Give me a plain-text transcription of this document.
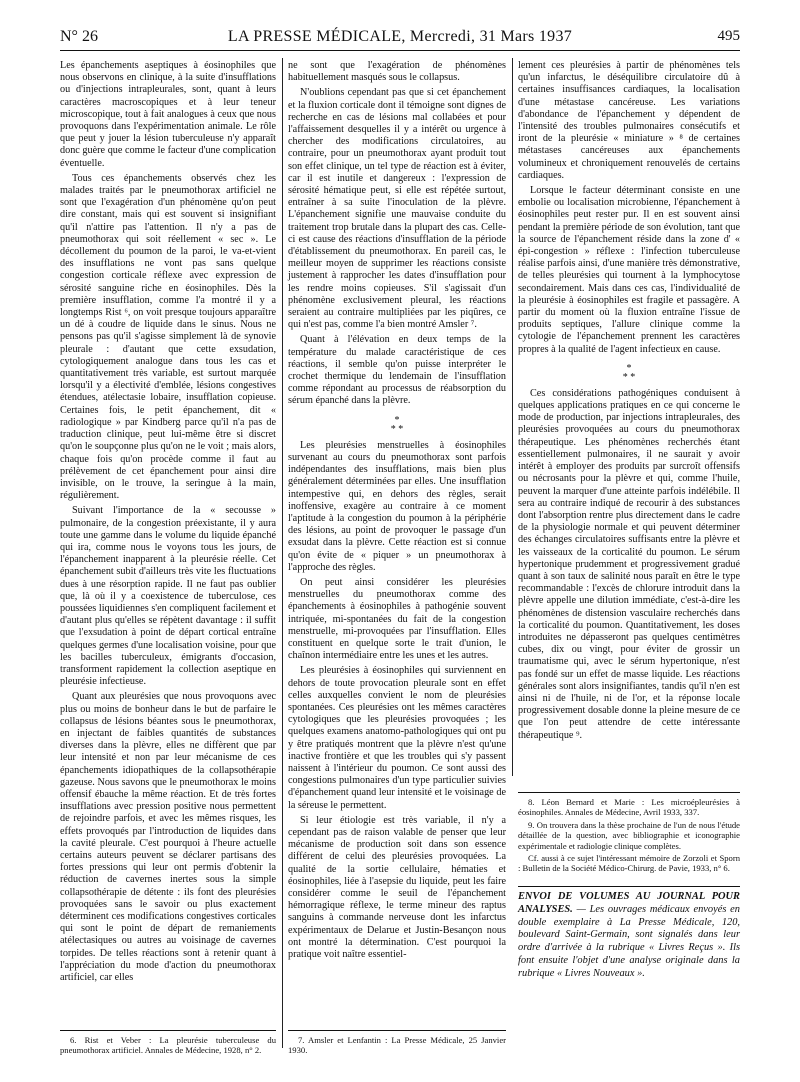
N° 26	LA PRESSE MÉDICALE, Mercredi, 31 Mars 1937	495

Les épanchements aseptiques à éosinophiles que nous observons en clinique, à la suite d'insufflations ou d'injections intrapleurales, sont, quant à leurs caractères macroscopiques et à leur teneur microscopique, tout à fait analogues à ceux que nous provoquons dans l'expérimentation animale. Le rôle que peut y jouer la lésion tuberculeuse n'y apparaît donc guère que comme le facteur d'une complication éventuelle.

Tous ces épanchements observés chez les malades traités par le pneumothorax artificiel ne sont que l'exagération d'un phénomène qu'on peut dire constant, mais qui est souvent si insignifiant qu'il n'attire pas l'attention. Il n'y a pas de pneumothorax qui soit réellement « sec ». Le décollement du poumon de la paroi, le va-et-vient des insufflations ne vont pas sans quelque congestion corticale réflexe avec expression de sérosité sanguine riche en éosinophiles. Dès la première insufflation, comme l'a montré il y a longtemps Rist ⁶, on voit presque toujours apparaître un dé à coudre de liquide dans le sinus. Nous ne pensons pas qu'il s'agisse simplement là de synovie pleurale : d'autant que cette exsudation, cytologiquement analogue dans tous les cas et quantitativement très variable, est surtout marquée lorsqu'il y a électivité d'emblée, lésions congestives étendues, atélectasie lobaire, insufflation copieuse. Certaines fois, le petit épanchement, dit « radiologique » par Kindberg parce qu'il n'a pas de traduction clinique, peut lui-même être si discret qu'on le soupçonne plus qu'on ne le voit ; mais alors, chaque fois qu'on procède comme il faut au prélèvement de cet épanchement pour ainsi dire invisible, on le trouve, la seringue à la main, régulièrement.

Suivant l'importance de la « secousse » pulmonaire, de la congestion préexistante, il y aura toute une gamme dans le volume du liquide épanché qui ira, comme nous le voyons tous les jours, de l'épanchement inapparent à la pleurésie réelle. Cet épanchement subit d'ailleurs très vite les fluctuations dues à une résorption rapide. Il ne faut pas oublier que, là où il y a coexistence de tuberculose, ces poussées liquidiennes s'en compliquent facilement et d'autant plus qu'elles se répètent davantage : il suffit que l'exsudation à point de départ cortical entraîne quelques germes d'une localisation voisine, pour que les bacilles tuberculeux, émigrants d'occasion, transforment rapidement la collection aseptique en pleurésie infectieuse.

Quant aux pleurésies que nous provoquons avec plus ou moins de bonheur dans le but de parfaire le collapsus de lésions béantes sous le pneumothorax, en injectant de faibles quantités de substances diverses dans la plèvre, elles ne diffèrent que par leur intensité et non par leur mécanisme de ces épanchements idiopathiques de la collapsothérapie gazeuse. Nous savons que le pneumothorax le moins offensif ébauche la même réaction. Et de très fortes insufflations avec pression positive nous permettent de rejoindre parfois, et avec les mêmes risques, les effets provoqués par l'introduction de liquides dans la cavité pleurale. C'est pourquoi à l'heure actuelle certains auteurs peuvent se déclarer partisans des fortes pressions qui leur ont permis d'obtenir la réduction de cavernes inertes sous la simple collapsothérapie de détente : ils font des pleurésies provoquées sans le savoir ou plus exactement déterminent ces modifications congestives corticales qui sont le point de départ de remaniements atélectasiques ou autres au voisinage de cavernes torpides. De telles réactions sont à retenir quant à l'appréciation du mode d'action du pneumothorax artificiel, car elles

ne sont que l'exagération de phénomènes habituellement masqués sous le collapsus.

N'oublions cependant pas que si cet épanchement et la fluxion corticale dont il témoigne sont dignes de recherche en cas de lésions mal collabées et pour l'affaissement desquelles il y a intérêt ou urgence à chercher des modifications circulatoires, au contraire, pour un pneumothorax ayant produit tout son effet clinique, un tel type de réaction est à éviter, car il est inutile et dangereux : l'expression de sérosité hématique peut, si elle est répétée surtout, entraîner à sa suite l'inoculation de la plèvre. L'épanchement signifie une mauvaise conduite du traitement trop brutale dans la plupart des cas. Celle-ci est cause des réactions d'insufflation de la période d'établissement du pneumothorax. En pareil cas, le meilleur moyen de supprimer les réactions consiste justement à rapprocher les dates d'insufflation pour les rendre moins copieuses. S'il s'agissait d'un phénomène exclusivement pleural, les réactions seraient au contraire multipliées par les piqûres, ce qui n'est pas, comme l'a bien montré Amsler ⁷.

Quant à l'élévation en deux temps de la température du malade caractéristique de ces réactions, il semble qu'on puisse interpréter le crochet thermique du lendemain de l'insufflation comme répondant au processus de réabsorption du sérum épanché dans la plèvre.

*
* *

Les pleurésies menstruelles à éosinophiles survenant au cours du pneumothorax sont parfois indépendantes des insufflations, mais bien plus généralement déterminées par elles. Une insufflation intempestive qui, en dehors des règles, serait inoffensive, exagère au contraire à ce moment l'aptitude à la congestion du poumon à la périphérie des lésions, au point de provoquer le passage d'un exsudat dans la plèvre. Cette réaction est si connue qu'on évite de « piquer » un pneumothorax à l'approche des règles.

On peut ainsi considérer les pleurésies menstruelles du pneumothorax comme des épanchements à éosinophiles à pathogénie souvent intriquée, mi-spontanées du fait de la congestion menstruelle, mi-provoquées par l'insufflation. Elles constituent en quelque sorte le trait d'union, le chaînon intermédiaire entre les unes et les autres.

Les pleurésies à éosinophiles qui surviennent en dehors de toute provocation pleurale sont en effet celles auxquelles convient le nom de pleurésies spontanées. Ces pleurésies ont les mêmes caractères cytologiques que les pleurésies provoquées ; les quelques examens anatomo-pathologiques qui ont pu y être pratiqués montrent que la plèvre n'est qu'une inactive frontière et que les troubles qui s'y passent naissent à l'intérieur du poumon. Ce sont aussi des congestions pulmonaires d'un type particulier suivies d'épanchement quand leur intensité et le voisinage de la séreuse le permettent.

Si leur étiologie est très variable, il n'y a cependant pas de raison valable de penser que leur mécanisme de production soit dans son essence différent de celui des pleurésies provoquées. La qualité de la sortie cellulaire, hématies et éosinophiles, liée à l'asepsie du liquide, peut les faire considérer comme le seuil de l'épanchement hémorragique réflexe, le terme mineur des raptus sanguins à commande nerveuse dont les infarctus expérimentaux de Delarue et Justin-Besançon nous ont montré la détermination. C'est pourquoi la pratique voit naître essentiel-

lement ces pleurésies à partir de phénomènes tels qu'un infarctus, le déséquilibre circulatoire dû à certaines insuffisances cardiaques, la localisation d'une métastase cancéreuse. Les variations d'abondance de l'épanchement y dépendent de l'intensité des troubles pulmonaires consécutifs et iront de la pleurésie « miniature » ⁸ de certaines métastases cancéreuses aux épanchements volumineux et chroniquement renouvelés de certains cardiaques.

Lorsque le facteur déterminant consiste en une embolie ou localisation microbienne, l'épanchement à éosinophiles peut rester pur. Il en est souvent ainsi pendant la première période de son évolution, tant que la source de l'épanchement réside dans la zone d' « épi-congestion » réflexe : l'infection tuberculeuse réalise parfois ainsi, d'une manière très démonstrative, de telles pleurésies qui tournent à la lymphocytose secondairement. Mais dans ces cas, l'individualité de la pleurésie à éosinophiles est fragile et passagère. A partir du moment où la fluxion entraîne l'issue de produits septiques, l'allure clinique comme la cytologie de l'épanchement prennent les caractères propres à la qualité de l'agent infectieux en cause.

*
* *

Ces considérations pathogéniques conduisent à quelques applications pratiques en ce qui concerne le mode de production, par injections intrapleurales, des pleurésies provoquées au cours du pneumothorax thérapeutique. Les phénomènes recherchés étant essentiellement pulmonaires, il ne saurait y avoir intérêt à employer des produits par surcroît offensifs ou nécrosants pour la plèvre et qui, comme l'huile, peuvent la marquer d'une atteinte parfois indélébile. Il sera au contraire indiqué de recourir à des substances dont l'absorption rentre plus directement dans le cadre de la physiologie normale et qui peuvent déterminer des échanges circulatoires suffisants entre la plèvre et les vaisseaux de la corticalité du poumon. Le sérum hypertonique prudemment et progressivement gradué quant à son taux de salinité nous paraît en être le type recommandable : l'excès de chlorure introduit dans la plèvre appelle une dilution immédiate, c'est-à-dire les phénomènes de distension vasculaire recherchés dans la corticalité du poumon. Quantitativement, les doses introduites ne dépasseront pas quelques centimètres cubes, dix ou vingt, pour éviter de grossir un traumatisme qui, avec le sérum hypertonique, n'est pas fondé sur un effet de masse liquide. Les réactions générales sont alors insignifiantes, tandis qu'il n'en est ainsi ni de l'huile, ni de l'or, et la réponse locale progressivement dosable donne la pleine mesure de ce que l'on peut attendre de cette intéressante thérapeutique ⁹.

6. Rist et Veber : La pleurésie tuberculeuse du pneumothorax artificiel. Annales de Médecine, 1928, n° 2.

7. Amsler et Lenfantin : La Presse Médicale, 25 Janvier 1930.

8. Léon Bernard et Marie : Les microépleurésies à éosinophiles. Annales de Médecine, Avril 1933, 337.

9. On trouvera dans la thèse prochaine de l'un de nous l'étude détaillée de la question, avec bibliographie et iconographie expérimentale et radiologie clinique complètes.

Cf. aussi à ce sujet l'intéressant mémoire de Zorzoli et Sporn : Bulletin de la Société Médico-Chirurg. de Pavie, 1933, n° 6.

ENVOI DE VOLUMES AU JOURNAL POUR ANALYSES. — Les ouvrages médicaux envoyés en double exemplaire à La Presse Médicale, 120, boulevard Saint-Germain, sont signalés dans leur ordre d'arrivée à la rubrique « Livres Reçus ». Ils font ensuite l'objet d'une analyse originale dans la rubrique « Livres Nouveaux ».
